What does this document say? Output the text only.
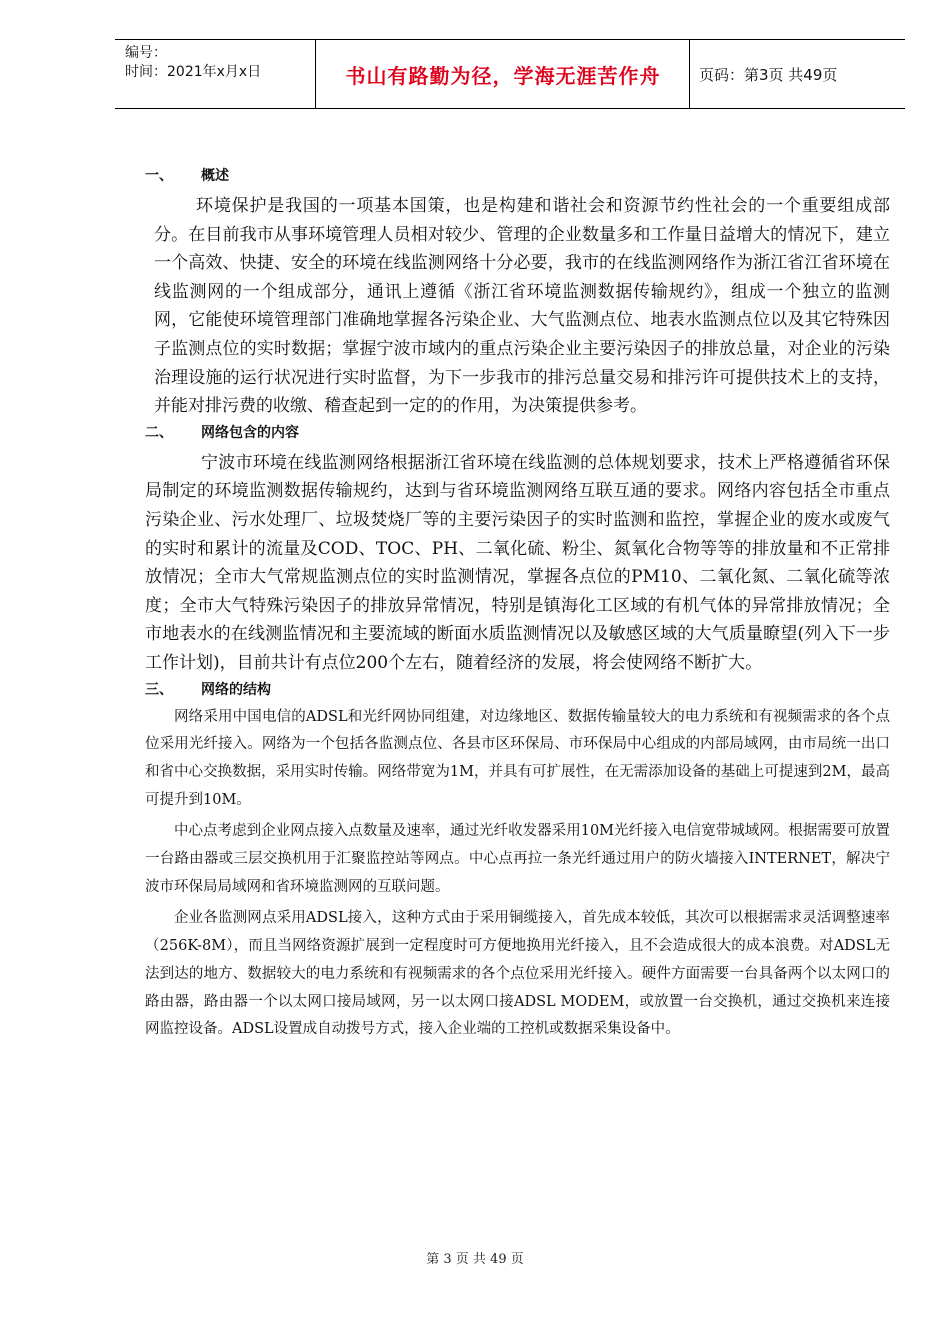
编号：
时间：2021年x月x日	书山有路勤为径，学海无涯苦作舟	页码：第3页 共49页
一、 概述

环境保护是我国的一项基本国策，也是构建和谐社会和资源节约性社会的一个重要组成部分。在目前我市从事环境管理人员相对较少、管理的企业数量多和工作量日益增大的情况下，建立一个高效、快捷、安全的环境在线监测网络十分必要，我市的在线监测网络作为浙江省江省环境在线监测网的一个组成部分，通讯上遵循《浙江省环境监测数据传输规约》，组成一个独立的监测网，它能使环境管理部门准确地掌握各污染企业、大气监测点位、地表水监测点位以及其它特殊因子监测点位的实时数据；掌握宁波市域内的重点污染企业主要污染因子的排放总量，对企业的污染治理设施的运行状况进行实时监督，为下一步我市的排污总量交易和排污许可提供技术上的支持，并能对排污费的收缴、稽查起到一定的的作用，为决策提供参考。

二、 网络包含的内容

宁波市环境在线监测网络根据浙江省环境在线监测的总体规划要求，技术上严格遵循省环保局制定的环境监测数据传输规约，达到与省环境监测网络互联互通的要求。网络内容包括全市重点污染企业、污水处理厂、垃圾焚烧厂等的主要污染因子的实时监测和监控，掌握企业的废水或废气的实时和累计的流量及COD、TOC、PH、二氧化硫、粉尘、氮氧化合物等等的排放量和不正常排放情况；全市大气常规监测点位的实时监测情况，掌握各点位的PM10、二氧化氮、二氧化硫等浓度；全市大气特殊污染因子的排放异常情况，特别是镇海化工区域的有机气体的异常排放情况；全市地表水的在线测监情况和主要流域的断面水质监测情况以及敏感区域的大气质量瞭望(列入下一步工作计划)，目前共计有点位200个左右，随着经济的发展，将会使网络不断扩大。

三、 网络的结构

网络采用中国电信的ADSL和光纤网协同组建，对边缘地区、数据传输量较大的电力系统和有视频需求的各个点位采用光纤接入。网络为一个包括各监测点位、各县市区环保局、市环保局中心组成的内部局域网，由市局统一出口和省中心交换数据，采用实时传输。网络带宽为1M，并具有可扩展性，在无需添加设备的基础上可提速到2M，最高可提升到10M。

中心点考虑到企业网点接入点数量及速率，通过光纤收发器采用10M光纤接入电信宽带城域网。根据需要可放置一台路由器或三层交换机用于汇聚监控站等网点。中心点再拉一条光纤通过用户的防火墙接入INTERNET，解决宁波市环保局局域网和省环境监测网的互联问题。

企业各监测网点采用ADSL接入，这种方式由于采用铜缆接入，首先成本较低，其次可以根据需求灵活调整速率（256K-8M），而且当网络资源扩展到一定程度时可方便地换用光纤接入，且不会造成很大的成本浪费。对ADSL无法到达的地方、数据较大的电力系统和有视频需求的各个点位采用光纤接入。硬件方面需要一台具备两个以太网口的路由器，路由器一个以太网口接局域网，另一以太网口接ADSL MODEM，或放置一台交换机，通过交换机来连接网监控设备。ADSL设置成自动拨号方式，接入企业端的工控机或数据采集设备中。

第 3 页 共 49 页
